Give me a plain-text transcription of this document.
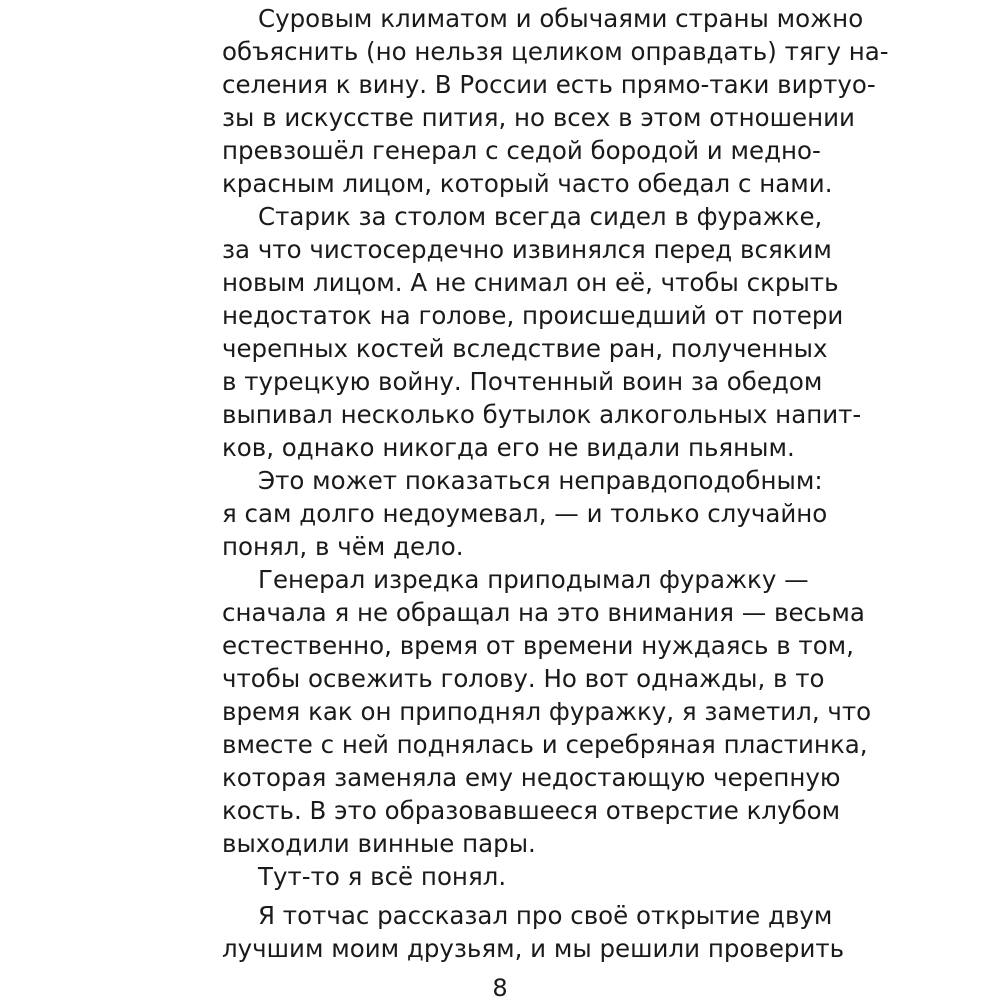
Суровым климатом и обычаями страны можно
объяснить (но нельзя целиком оправдать) тягу на-
селения к вину. В России есть прямо-таки виртуо-
зы в искусстве пития, но всех в этом отношении
превзошёл генерал с седой бородой и медно-
красным лицом, который часто обедал с нами.
Старик за столом всегда сидел в фуражке,
за что чистосердечно извинялся перед всяким
новым лицом. А не снимал он её, чтобы скрыть
недостаток на голове, происшедший от потери
черепных костей вследствие ран, полученных
в турецкую войну. Почтенный воин за обедом
выпивал несколько бутылок алкогольных напит-
ков, однако никогда его не видали пьяным.
Это может показаться неправдоподобным:
я сам долго недоумевал, — и только случайно
понял, в чём дело.
Генерал изредка приподымал фуражку —
сначала я не обращал на это внимания — весьма
естественно, время от времени нуждаясь в том,
чтобы освежить голову. Но вот однажды, в то
время как он приподнял фуражку, я заметил, что
вместе с ней поднялась и серебряная пластинка,
которая заменяла ему недостающую черепную
кость. В это образовавшееся отверстие клубом
выходили винные пары.
Тут-то я всё понял.
Я тотчас рассказал про своё открытие двум
лучшим моим друзьям, и мы решили проверить
8
